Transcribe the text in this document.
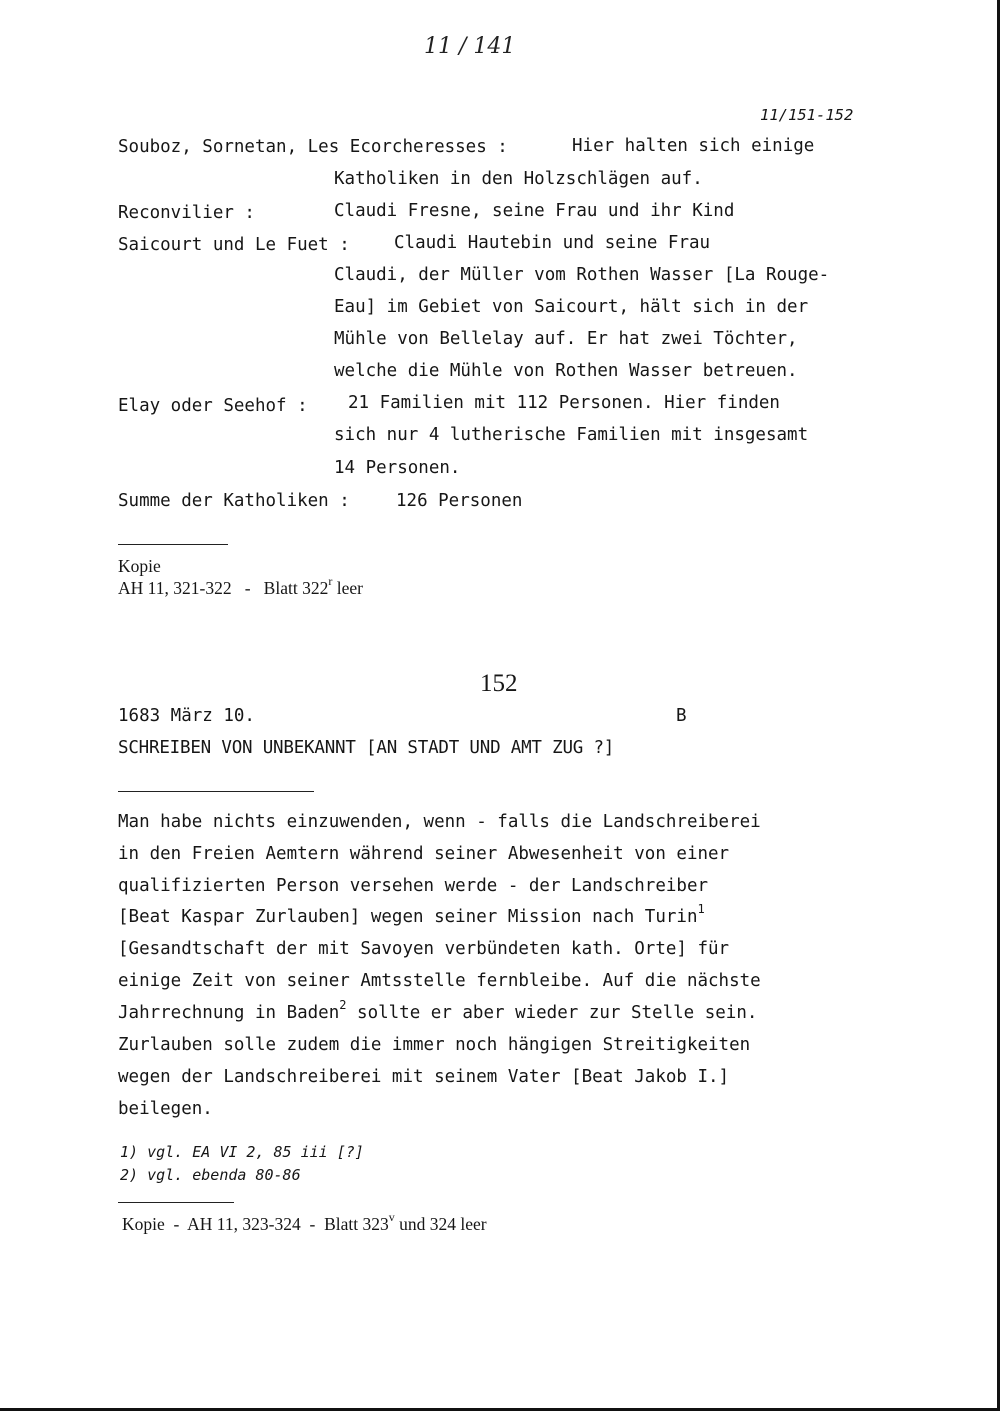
11 / 141
11/151-152
Souboz, Sornetan, Les Ecorcheresses :	Hier halten sich einige
Katholiken in den Holzschlägen auf.
Reconvilier :	Claudi Fresne, seine Frau und ihr Kind
Saicourt und Le Fuet :	Claudi Hautebin und seine Frau
Claudi, der Müller vom Rothen Wasser [La Rouge-
Eau] im Gebiet von Saicourt, hält sich in der
Mühle von Bellelay auf. Er hat zwei Töchter,
welche die Mühle von Rothen Wasser betreuen.
Elay oder Seehof : 21 Familien mit 112 Personen. Hier finden
sich nur 4 lutherische Familien mit insgesamt
14 Personen.
Summe der Katholiken :	126 Personen
Kopie
AH 11, 321-322 - Blatt 322$^r$ leer
152
1683 März 10.	B
SCHREIBEN VON UNBEKANNT [AN STADT UND AMT ZUG ?]
Man habe nichts einzuwenden, wenn - falls die Landschreiberei
in den Freien Aemtern während seiner Abwesenheit von einer
qualifizierten Person versehen werde - der Landschreiber
[Beat Kaspar Zurlauben] wegen seiner Mission nach Turin$^1$
[Gesandtschaft der mit Savoyen verbündeten kath. Orte] für
einige Zeit von seiner Amtsstelle fernbleibe. Auf die nächste
Jahrrechnung in Baden$^2$ sollte er aber wieder zur Stelle sein.
Zurlauben solle zudem die immer noch hängigen Streitigkeiten
wegen der Landschreiberei mit seinem Vater [Beat Jakob I.]
beilegen.
1) vgl. EA VI 2, 85 iii [?]
2) vgl. ebenda 80-86
Kopie - AH 11, 323-324 - Blatt 323$^v$ und 324 leer
